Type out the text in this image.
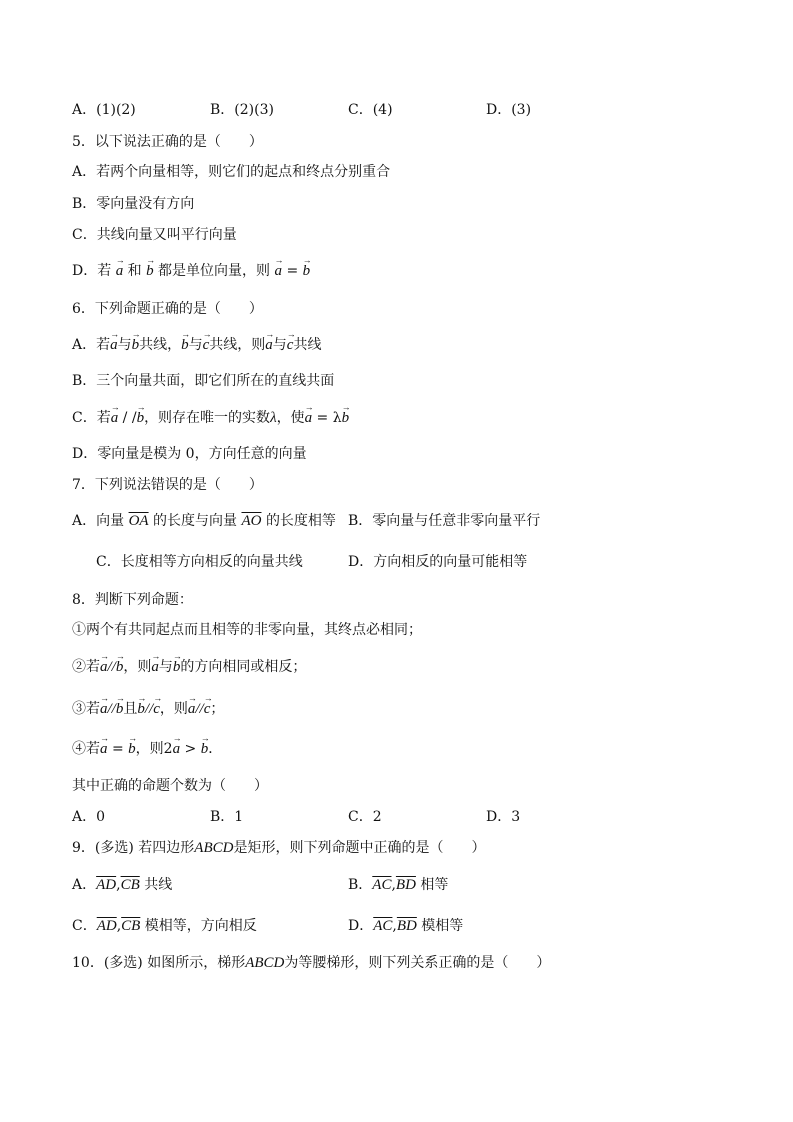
A．(1)(2)	B．(2)(3)	C．(4)	D．(3)
5．以下说法正确的是（　　）
A．若两个向量相等，则它们的起点和终点分别重合
B．零向量没有方向
C．共线向量又叫平行向量
D．若 → a 和 → b 都是单位向量，则 → a = → b
6．下列命题正确的是（　　）
A．若→ a与→ b共线，→ b与→ c共线，则→ a与→ c共线
B．三个向量共面，即它们所在的直线共面
C．若→ a / /→ b，则存在唯一的实数λ，使→ a = λ→ b
D．零向量是模为 0，方向任意的向量
7．下列说法错误的是（　　）
A．向量 $\overline{OA}$ 的长度与向量 $\overline{AO}$ 的长度相等 B．零向量与任意非零向量平行
C．长度相等方向相反的向量共线	D．方向相反的向量可能相等
8．判断下列命题：
①两个有共同起点而且相等的非零向量，其终点必相同；
②若→ a//→ b，则→ a与→ b的方向相同或相反；
③若→ a//→ b且→ b//→ c，则→ a//→ c；
④若→ a = → b，则2→ a > → b．
其中正确的命题个数为（　　）
A．0	B．1	C．2	D．3
9．(多选) 若四边形ABCD是矩形，则下列命题中正确的是（　　）
A．$\overline{AD},\overline{CB}$ 共线	B．$\overline{AC},\overline{BD}$ 相等
C．$\overline{AD},\overline{CB}$ 模相等，方向相反	D．$\overline{AC},\overline{BD}$ 模相等
10．(多选) 如图所示，梯形ABCD为等腰梯形，则下列关系正确的是（　　）
